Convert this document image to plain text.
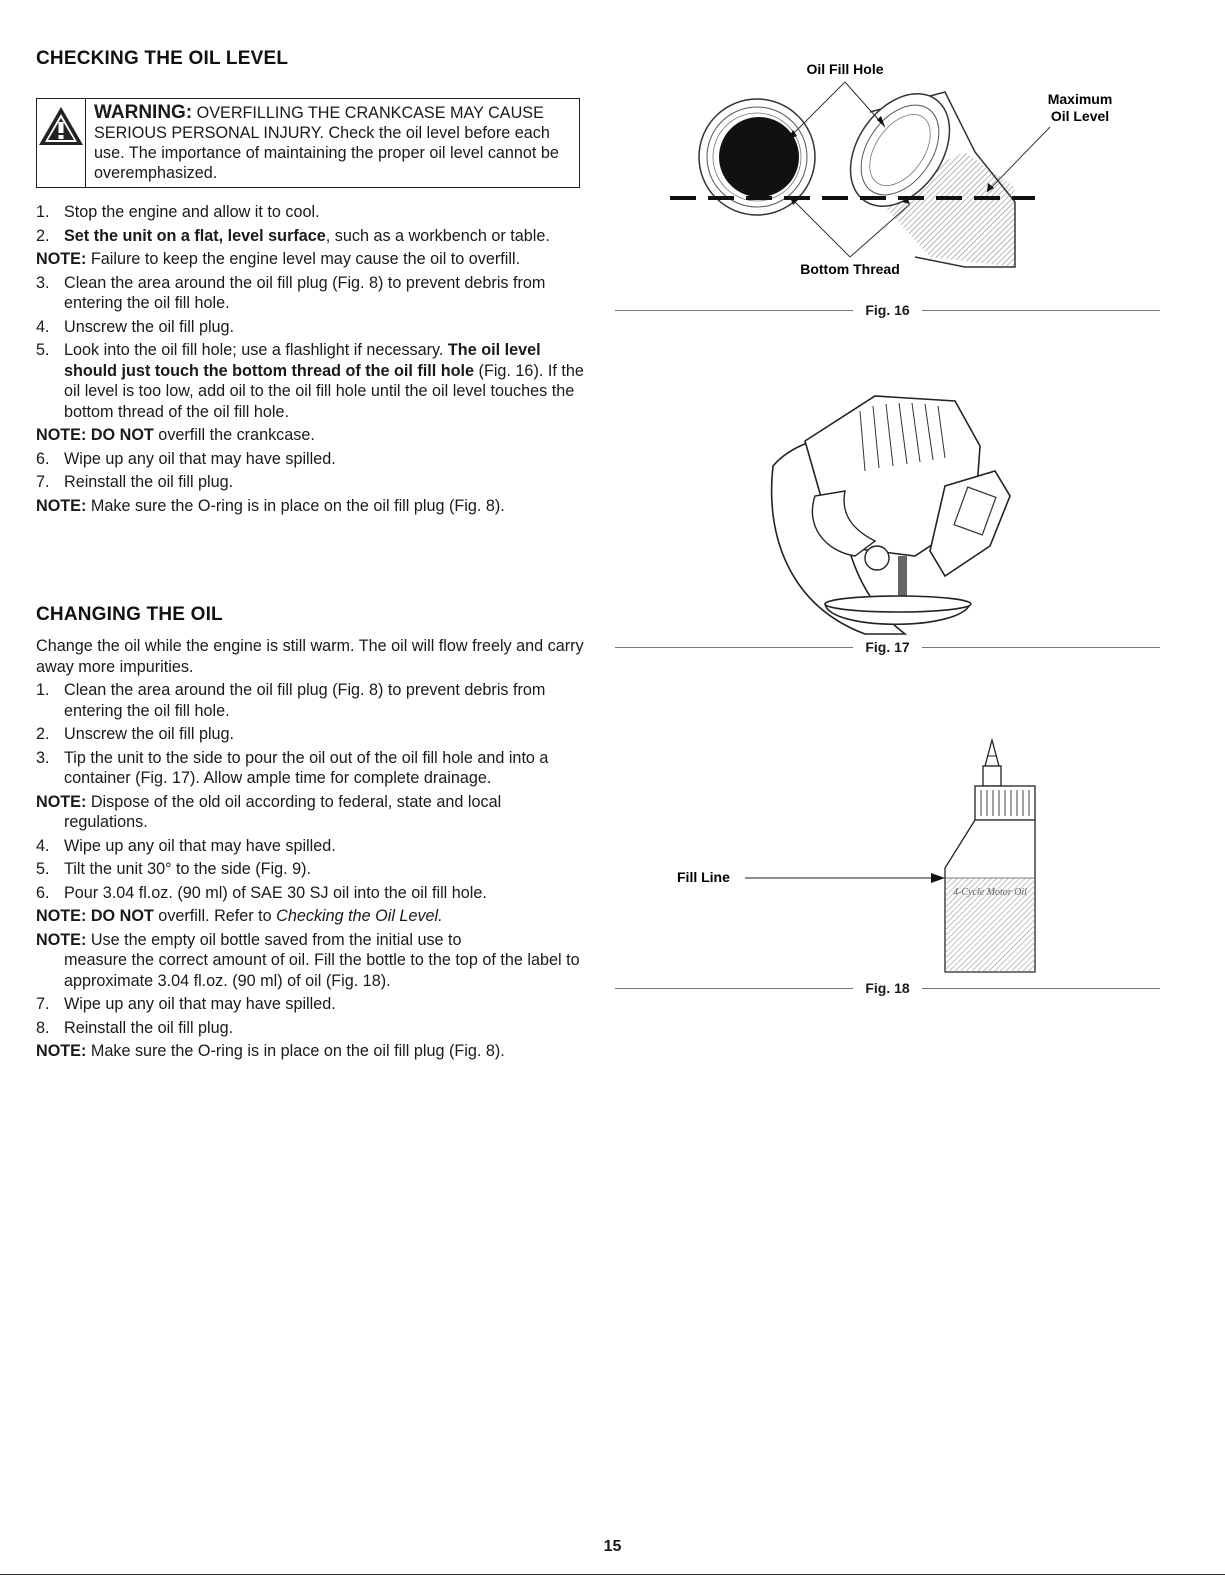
CHECKING THE OIL LEVEL
WARNING: OVERFILLING THE CRANKCASE MAY CAUSE SERIOUS PERSONAL INJURY. Check the oil level before each use. The importance of maintaining the proper oil level cannot be overemphasized.
1. Stop the engine and allow it to cool.
2. Set the unit on a flat, level surface, such as a workbench or table.
NOTE: Failure to keep the engine level may cause the oil to overfill.
3. Clean the area around the oil fill plug (Fig. 8) to prevent debris from entering the oil fill hole.
4. Unscrew the oil fill plug.
5. Look into the oil fill hole; use a flashlight if necessary. The oil level should just touch the bottom thread of the oil fill hole (Fig. 16). If the oil level is too low, add oil to the oil fill hole until the oil level touches the bottom thread of the oil fill hole.
NOTE: DO NOT overfill the crankcase.
6. Wipe up any oil that may have spilled.
7. Reinstall the oil fill plug.
NOTE: Make sure the O-ring is in place on the oil fill plug (Fig. 8).
CHANGING THE OIL

Change the oil while the engine is still warm. The oil will flow freely and carry away more impurities.

1. Clean the area around the oil fill plug (Fig. 8) to prevent debris from entering the oil fill hole.
2. Unscrew the oil fill plug.
3. Tip the unit to the side to pour the oil out of the oil fill hole and into a container (Fig. 17). Allow ample time for complete drainage.
NOTE: Dispose of the old oil according to federal, state and local
regulations.
4. Wipe up any oil that may have spilled.
5. Tilt the unit 30° to the side (Fig. 9).
6. Pour 3.04 fl.oz. (90 ml) of SAE 30 SJ oil into the oil fill hole.
NOTE: DO NOT overfill. Refer to Checking the Oil Level.
NOTE: Use the empty oil bottle saved from the initial use to
measure the correct amount of oil. Fill the bottle to the top of the label to approximate 3.04 fl.oz. (90 ml) of oil (Fig. 18).
7. Wipe up any oil that may have spilled.
8. Reinstall the oil fill plug.
NOTE: Make sure the O-ring is in place on the oil fill plug (Fig. 8).
Oil Fill Hole
Maximum
Oil Level
Bottom Thread
Fig. 16
Fig. 17
Fill Line
4-Cycle Motor Oil
Fig. 18
15
